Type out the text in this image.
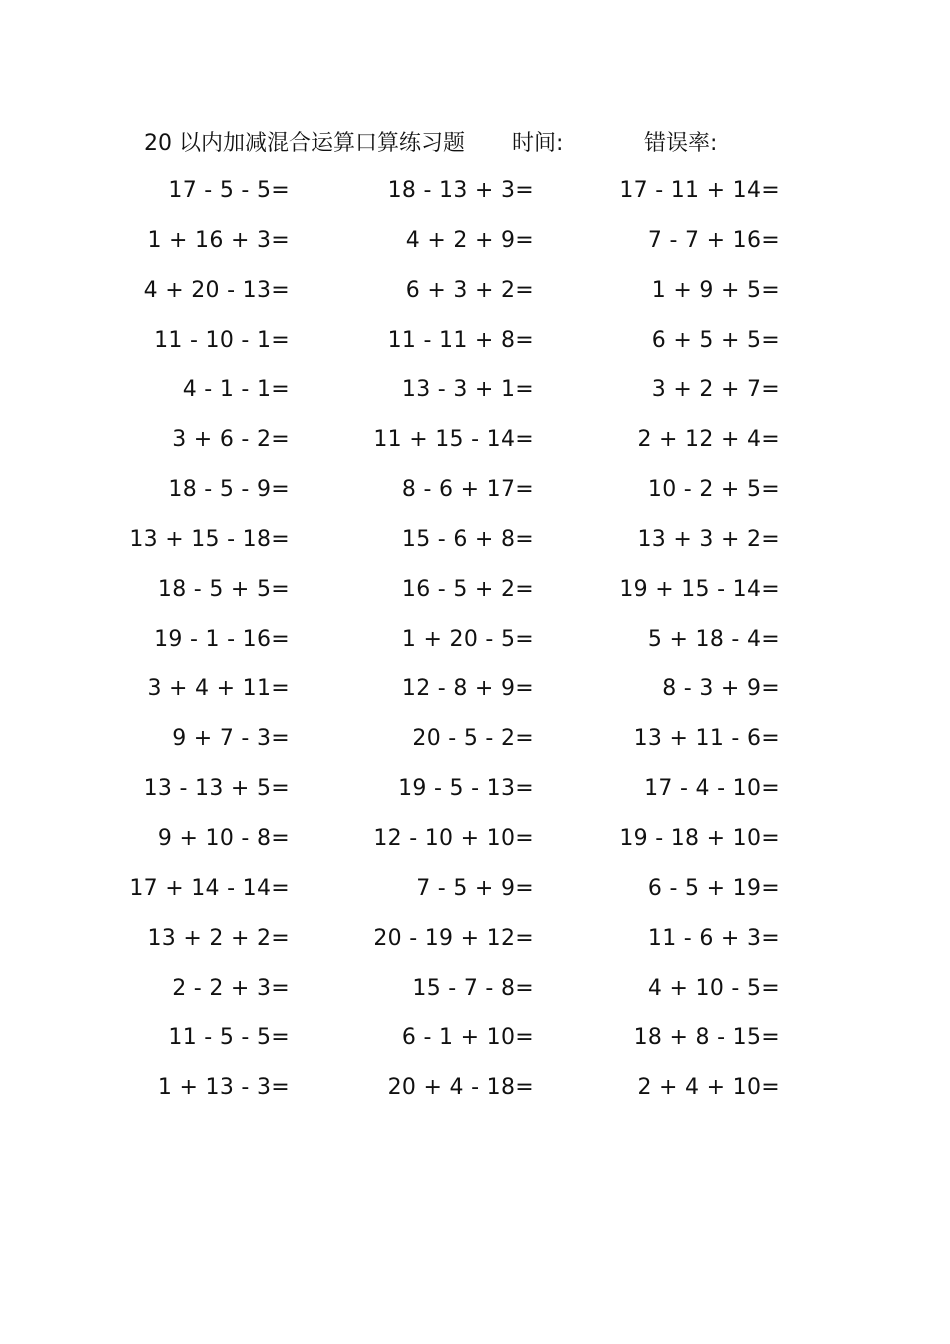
20 以内加减混合运算口算练习题 时间:	错误率:
17 - 5 - 5=	18 - 13 + 3=	17 - 11 + 14=
1 + 16 + 3=	4 + 2 + 9=	7 - 7 + 16=
4 + 20 - 13=	6 + 3 + 2=	1 + 9 + 5=
11 - 10 - 1=	11 - 11 + 8=	6 + 5 + 5=
4 - 1 - 1=	13 - 3 + 1=	3 + 2 + 7=
3 + 6 - 2=	11 + 15 - 14=	2 + 12 + 4=
18 - 5 - 9=	8 - 6 + 17=	10 - 2 + 5=
13 + 15 - 18=	15 - 6 + 8=	13 + 3 + 2=
18 - 5 + 5=	16 - 5 + 2=	19 + 15 - 14=
19 - 1 - 16=	1 + 20 - 5=	5 + 18 - 4=
3 + 4 + 11=	12 - 8 + 9=	8 - 3 + 9=
9 + 7 - 3=	20 - 5 - 2=	13 + 11 - 6=
13 - 13 + 5=	19 - 5 - 13=	17 - 4 - 10=
9 + 10 - 8=	12 - 10 + 10=	19 - 18 + 10=
17 + 14 - 14=	7 - 5 + 9=	6 - 5 + 19=
13 + 2 + 2=	20 - 19 + 12=	11 - 6 + 3=
2 - 2 + 3=	15 - 7 - 8=	4 + 10 - 5=
11 - 5 - 5=	6 - 1 + 10=	18 + 8 - 15=
1 + 13 - 3=	20 + 4 - 18=	2 + 4 + 10=
